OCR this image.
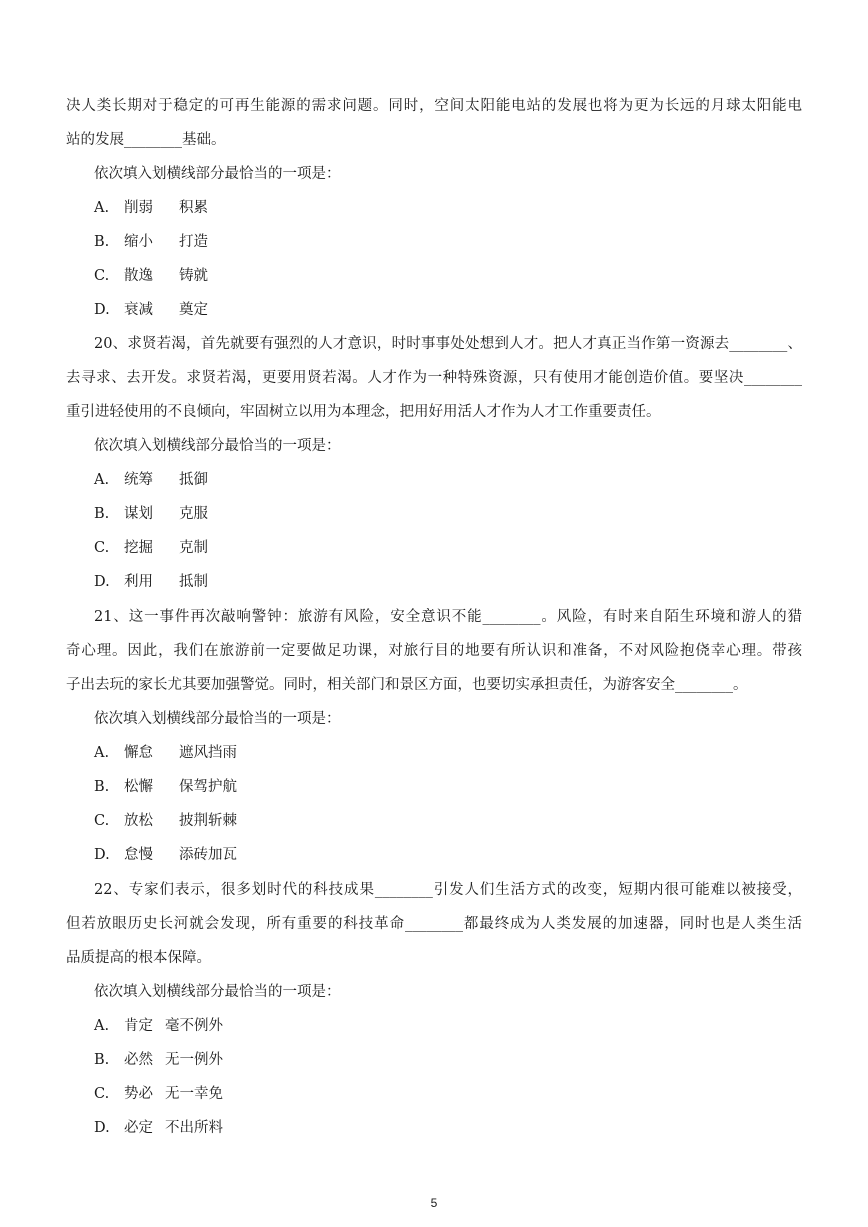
决人类长期对于稳定的可再生能源的需求问题。同时，空间太阳能电站的发展也将为更为长远的月球太阳能电
站的发展________基础。
依次填入划横线部分最恰当的一项是：
A. 削弱 积累
B. 缩小 打造
C. 散逸 铸就
D. 衰减 奠定
20、求贤若渴，首先就要有强烈的人才意识，时时事事处处想到人才。把人才真正当作第一资源去________、
去寻求、去开发。求贤若渴，更要用贤若渴。人才作为一种特殊资源，只有使用才能创造价值。要坚决________
重引进轻使用的不良倾向，牢固树立以用为本理念，把用好用活人才作为人才工作重要责任。
依次填入划横线部分最恰当的一项是：
A. 统筹 抵御
B. 谋划 克服
C. 挖掘 克制
D. 利用 抵制
21、这一事件再次敲响警钟：旅游有风险，安全意识不能________。风险，有时来自陌生环境和游人的猎
奇心理。因此，我们在旅游前一定要做足功课，对旅行目的地要有所认识和准备，不对风险抱侥幸心理。带孩
子出去玩的家长尤其要加强警觉。同时，相关部门和景区方面，也要切实承担责任，为游客安全________。
依次填入划横线部分最恰当的一项是：
A. 懈怠 遮风挡雨
B. 松懈 保驾护航
C. 放松 披荆斩棘
D. 怠慢 添砖加瓦
22、专家们表示，很多划时代的科技成果________引发人们生活方式的改变，短期内很可能难以被接受，
但若放眼历史长河就会发现，所有重要的科技革命________都最终成为人类发展的加速器，同时也是人类生活
品质提高的根本保障。
依次填入划横线部分最恰当的一项是：
A. 肯定 毫不例外
B. 必然 无一例外
C. 势必 无一幸免
D. 必定 不出所料
5
